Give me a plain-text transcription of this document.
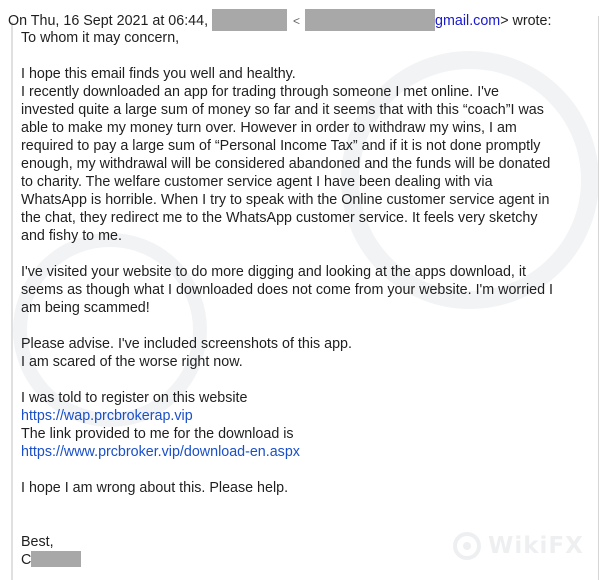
On Thu, 16 Sept 2021 at 06:44,	<	gmail.com> wrote:
To whom it may concern,
I hope this email finds you well and healthy.
I recently downloaded an app for trading through someone I met online. I've
invested quite a large sum of money so far and it seems that with this “coach”I was
able to make my money turn over. However in order to withdraw my wins, I am
required to pay a large sum of “Personal Income Tax” and if it is not done promptly
enough, my withdrawal will be considered abandoned and the funds will be donated
to charity. The welfare customer service agent I have been dealing with via
WhatsApp is horrible. When I try to speak with the Online customer service agent in
the chat, they redirect me to the WhatsApp customer service. It feels very sketchy
and fishy to me.
I've visited your website to do more digging and looking at the apps download, it
seems as though what I downloaded does not come from your website. I'm worried I
am being scammed!
Please advise. I've included screenshots of this app.
I am scared of the worse right now.
I was told to register on this website
https://wap.prcbrokerap.vip
The link provided to me for the download is
https://www.prcbroker.vip/download-en.aspx
I hope I am wrong about this. Please help.
Best,
C
WikiFX
